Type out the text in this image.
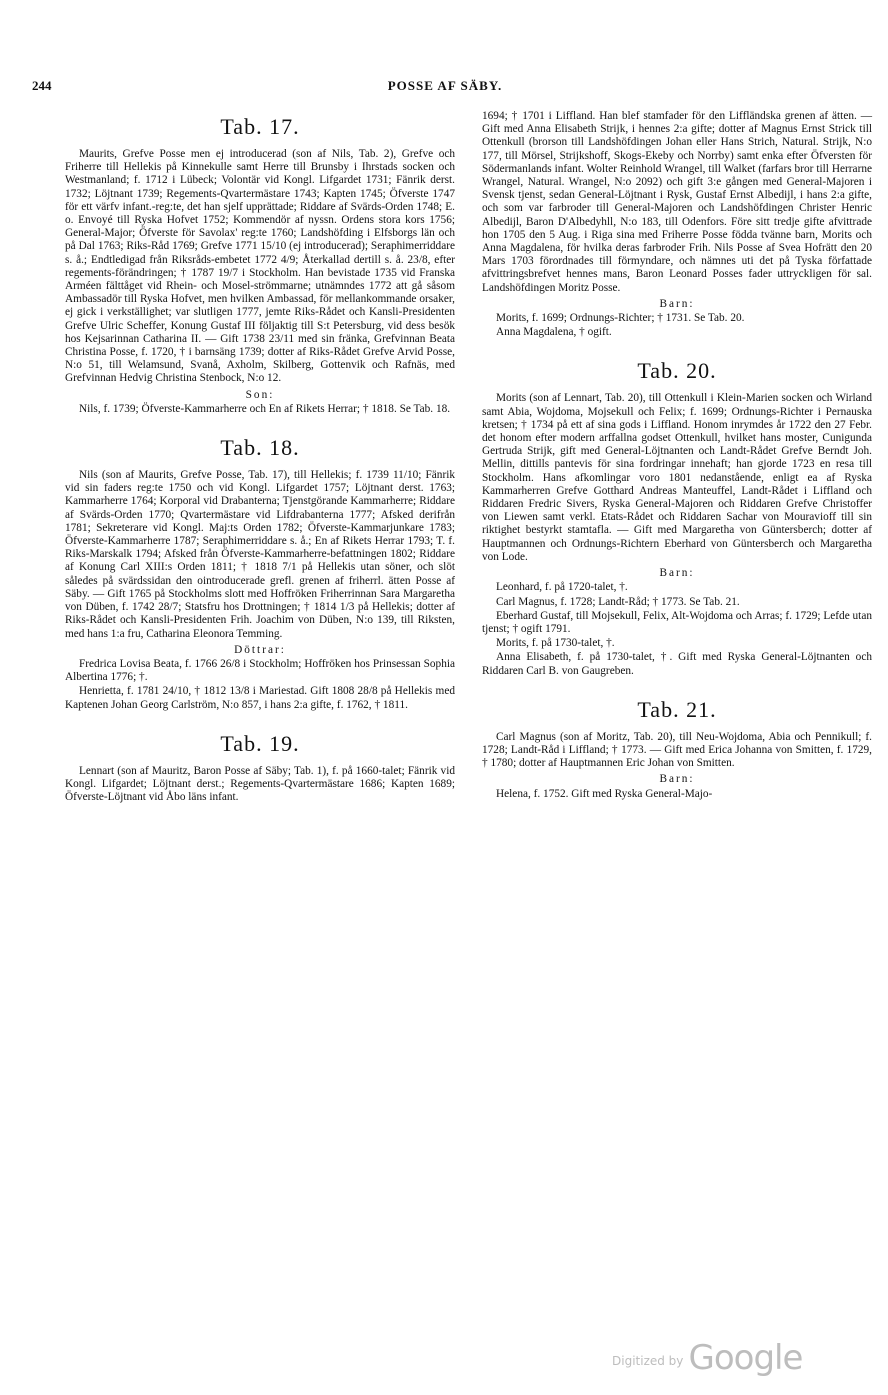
244	POSSE AF SÄBY.
Tab. 17.

Maurits, Grefve Posse men ej introducerad (son af Nils, Tab. 2), Grefve och Friherre till Hellekis på Kinnekulle samt Herre till Brunsby i Ihrstads socken och Westmanland; f. 1712 i Lübeck; Volontär vid Kongl. Lifgardet 1731; Fänrik derst. 1732; Löjtnant 1739; Regements-Qvartermästare 1743; Kapten 1745; Öfverste 1747 för ett värfv infant.-reg:te, det han sjelf upprättade; Riddare af Svärds-Orden 1748; E. o. Envoyé till Ryska Hofvet 1752; Kommendör af nyssn. Ordens stora kors 1756; General-Major; Öfverste för Savolax' reg:te 1760; Landshöfding i Elfsborgs län och på Dal 1763; Riks-Råd 1769; Grefve 1771 15/10 (ej introducerad); Seraphimerriddare s. å.; Endtledigad från Riksråds-embetet 1772 4/9; Återkallad dertill s. å. 23/8, efter regements-förändringen; † 1787 19/7 i Stockholm. Han bevistade 1735 vid Franska Arméen fälttåget vid Rhein- och Mosel-strömmarne; utnämndes 1772 att gå såsom Ambassadör till Ryska Hofvet, men hvilken Ambassad, för mellankommande orsaker, ej gick i verkställighet; var slutligen 1777, jemte Riks-Rådet och Kansli-Presidenten Grefve Ulric Scheffer, Konung Gustaf III följaktig till S:t Petersburg, vid dess besök hos Kejsarinnan Catharina II. — Gift 1738 23/11 med sin fränka, Grefvinnan Beata Christina Posse, f. 1720, † i barnsäng 1739; dotter af Riks-Rådet Grefve Arvid Posse, N:o 51, till Welamsund, Svanå, Axholm, Skilberg, Gottenvik och Rafnäs, med Grefvinnan Hedvig Christina Stenbock, N:o 12.

Son:

Nils, f. 1739; Öfverste-Kammarherre och En af Rikets Herrar; † 1818. Se Tab. 18.

Tab. 18.

Nils (son af Maurits, Grefve Posse, Tab. 17), till Hellekis; f. 1739 11/10; Fänrik vid sin faders reg:te 1750 och vid Kongl. Lifgardet 1757; Löjtnant derst. 1763; Kammarherre 1764; Korporal vid Drabanterna; Tjenstgörande Kammarherre; Riddare af Svärds-Orden 1770; Qvartermästare vid Lifdrabanterna 1777; Afsked derifrån 1781; Sekreterare vid Kongl. Maj:ts Orden 1782; Öfverste-Kammarjunkare 1783; Öfverste-Kammarherre 1787; Seraphimerriddare s. å.; En af Rikets Herrar 1793; T. f. Riks-Marskalk 1794; Afsked från Öfverste-Kammarherre-befattningen 1802; Riddare af Konung Carl XIII:s Orden 1811; † 1818 7/1 på Hellekis utan söner, och slöt således på svärdssidan den ointroducerade grefl. grenen af friherrl. ätten Posse af Säby. — Gift 1765 på Stockholms slott med Hoffröken Friherrinnan Sara Margaretha von Düben, f. 1742 28/7; Statsfru hos Drottningen; † 1814 1/3 på Hellekis; dotter af Riks-Rådet och Kansli-Presidenten Frih. Joachim von Düben, N:o 139, till Riksten, med hans 1:a fru, Catharina Eleonora Temming.

Döttrar:

Fredrica Lovisa Beata, f. 1766 26/8 i Stockholm; Hoffröken hos Prinsessan Sophia Albertina 1776; †.

Henrietta, f. 1781 24/10, † 1812 13/8 i Mariestad. Gift 1808 28/8 på Hellekis med Kaptenen Johan Georg Carlström, N:o 857, i hans 2:a gifte, f. 1762, † 1811.

Tab. 19.

Lennart (son af Mauritz, Baron Posse af Säby; Tab. 1), f. på 1660-talet; Fänrik vid Kongl. Lifgardet; Löjtnant derst.; Regements-Qvartermästare 1686; Kapten 1689; Öfverste-Löjtnant vid Åbo läns infant.

1694; † 1701 i Liffland. Han blef stamfader för den Liffländska grenen af ätten. — Gift med Anna Elisabeth Strijk, i hennes 2:a gifte; dotter af Magnus Ernst Strick till Ottenkull (brorson till Landshöfdingen Johan eller Hans Strich, Natural. Strijk, N:o 177, till Mörsel, Strijkshoff, Skogs-Ekeby och Norrby) samt enka efter Öfversten för Södermanlands infant. Wolter Reinhold Wrangel, till Walket (farfars bror till Herrarne Wrangel, Natural. Wrangel, N:o 2092) och gift 3:e gången med General-Majoren i Svensk tjenst, sedan General-Löjtnant i Rysk, Gustaf Ernst Albedijl, i hans 2:a gifte, och som var farbroder till General-Majoren och Landshöfdingen Christer Henric Albedijl, Baron D'Albedyhll, N:o 183, till Odenfors. Före sitt tredje gifte afvittrade hon 1705 den 5 Aug. i Riga sina med Friherre Posse födda tvänne barn, Morits och Anna Magdalena, för hvilka deras farbroder Frih. Nils Posse af Svea Hofrätt den 20 Mars 1703 förordnades till förmyndare, och nämnes uti det på Tyska författade afvittringsbrefvet hennes mans, Baron Leonard Posses fader uttryckligen för sal. Landshöfdingen Moritz Posse.

Barn:

Morits, f. 1699; Ordnungs-Richter; † 1731. Se Tab. 20.

Anna Magdalena, † ogift.

Tab. 20.

Morits (son af Lennart, Tab. 20), till Ottenkull i Klein-Marien socken och Wirland samt Abia, Wojdoma, Mojsekull och Felix; f. 1699; Ordnungs-Richter i Pernauska kretsen; † 1734 på ett af sina gods i Liffland. Honom inrymdes år 1722 den 27 Febr. det honom efter modern arffallna godset Ottenkull, hvilket hans moster, Cunigunda Gertruda Strijk, gift med General-Löjtnanten och Landt-Rådet Grefve Berndt Joh. Mellin, dittills pantevis för sina fordringar innehaft; han gjorde 1723 en resa till Stockholm. Hans afkomlingar voro 1801 nedanstående, enligt ea af Ryska Kammarherren Grefve Gotthard Andreas Manteuffel, Landt-Rådet i Liffland och Riddaren Fredric Sivers, Ryska General-Majoren och Riddaren Grefve Christoffer von Liewen samt verkl. Etats-Rådet och Riddaren Sachar von Mouravioff till sin riktighet bestyrkt stamtafla. — Gift med Margaretha von Güntersberch; dotter af Hauptmannen och Ordnungs-Richtern Eberhard von Güntersberch och Margaretha von Lode.

Barn:

Leonhard, f. på 1720-talet, †.

Carl Magnus, f. 1728; Landt-Råd; † 1773. Se Tab. 21.

Eberhard Gustaf, till Mojsekull, Felix, Alt-Wojdoma och Arras; f. 1729; Lefde utan tjenst; † ogift 1791.

Morits, f. på 1730-talet, †.

Anna Elisabeth, f. på 1730-talet, †. Gift med Ryska General-Löjtnanten och Riddaren Carl B. von Gaugreben.

Tab. 21.

Carl Magnus (son af Moritz, Tab. 20), till Neu-Wojdoma, Abia och Pennikull; f. 1728; Landt-Råd i Liffland; † 1773. — Gift med Erica Johanna von Smitten, f. 1729, † 1780; dotter af Hauptmannen Eric Johan von Smitten.

Barn:

Helena, f. 1752. Gift med Ryska General-Majo-

$^{Digitized by}$ Google
